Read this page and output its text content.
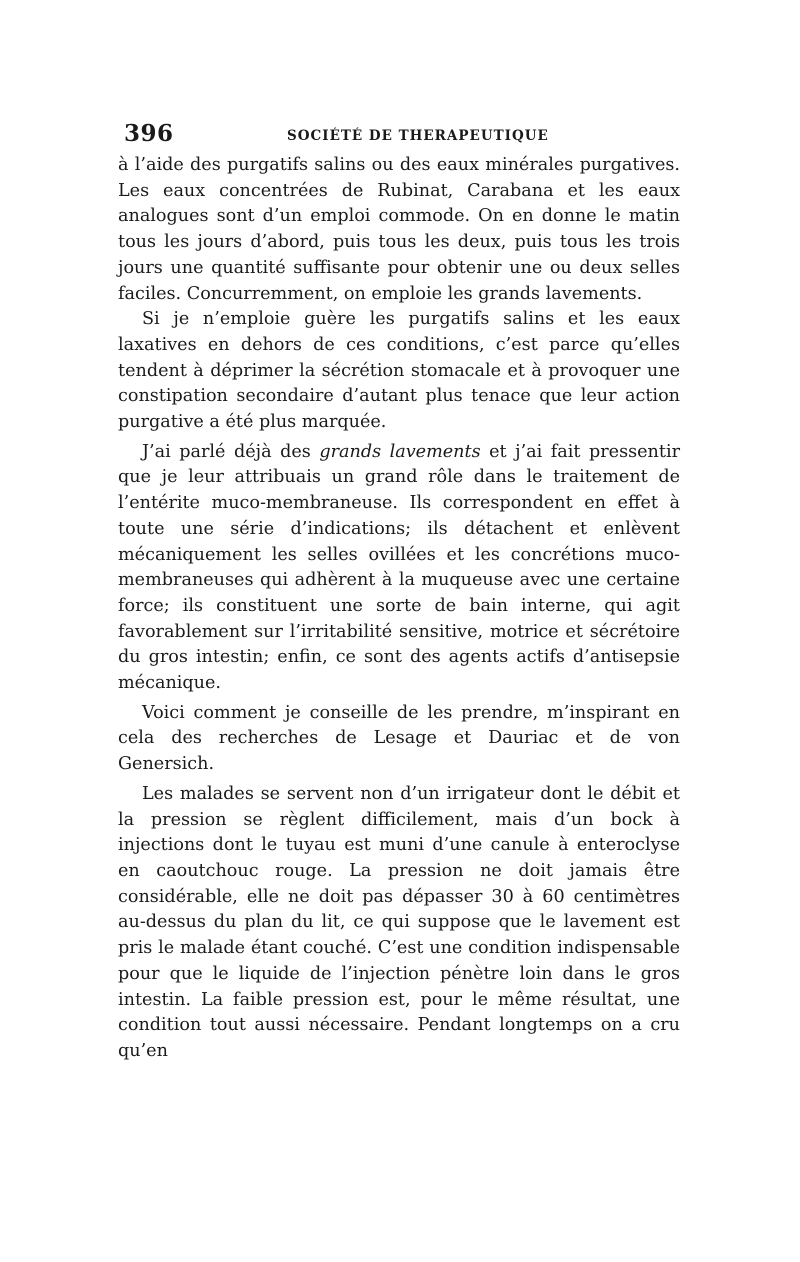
396	SOCIÉTÉ DE THERAPEUTIQUE

à l’aide des purgatifs salins ou des eaux minérales purgatives. Les eaux concentrées de Rubinat, Carabana et les eaux analogues sont d’un emploi commode. On en donne le matin tous les jours d’abord, puis tous les deux, puis tous les trois jours une quantité suffisante pour obtenir une ou deux selles faciles. Concurremment, on emploie les grands lavements.

Si je n’emploie guère les purgatifs salins et les eaux laxatives en dehors de ces conditions, c’est parce qu’elles tendent à déprimer la sécrétion stomacale et à provoquer une constipation secondaire d’autant plus tenace que leur action purgative a été plus marquée.

J’ai parlé déjà des grands lavements et j’ai fait pressentir que je leur attribuais un grand rôle dans le traitement de l’entérite muco-membraneuse. Ils correspondent en effet à toute une série d’indications; ils détachent et enlèvent mécaniquement les selles ovillées et les concrétions muco-membraneuses qui adhèrent à la muqueuse avec une certaine force; ils constituent une sorte de bain interne, qui agit favorablement sur l’irritabilité sensitive, motrice et sécrétoire du gros intestin; enfin, ce sont des agents actifs d’antisepsie mécanique.

Voici comment je conseille de les prendre, m’inspirant en cela des recherches de Lesage et Dauriac et de von Genersich.

Les malades se servent non d’un irrigateur dont le débit et la pression se règlent difficilement, mais d’un bock à injections dont le tuyau est muni d’une canule à enteroclyse en caoutchouc rouge. La pression ne doit jamais être considérable, elle ne doit pas dépasser 30 à 60 centimètres au-dessus du plan du lit, ce qui suppose que le lavement est pris le malade étant couché. C’est une condition indispensable pour que le liquide de l’injection pénètre loin dans le gros intestin. La faible pression est, pour le même résultat, une condition tout aussi nécessaire. Pendant longtemps on a cru qu’en
